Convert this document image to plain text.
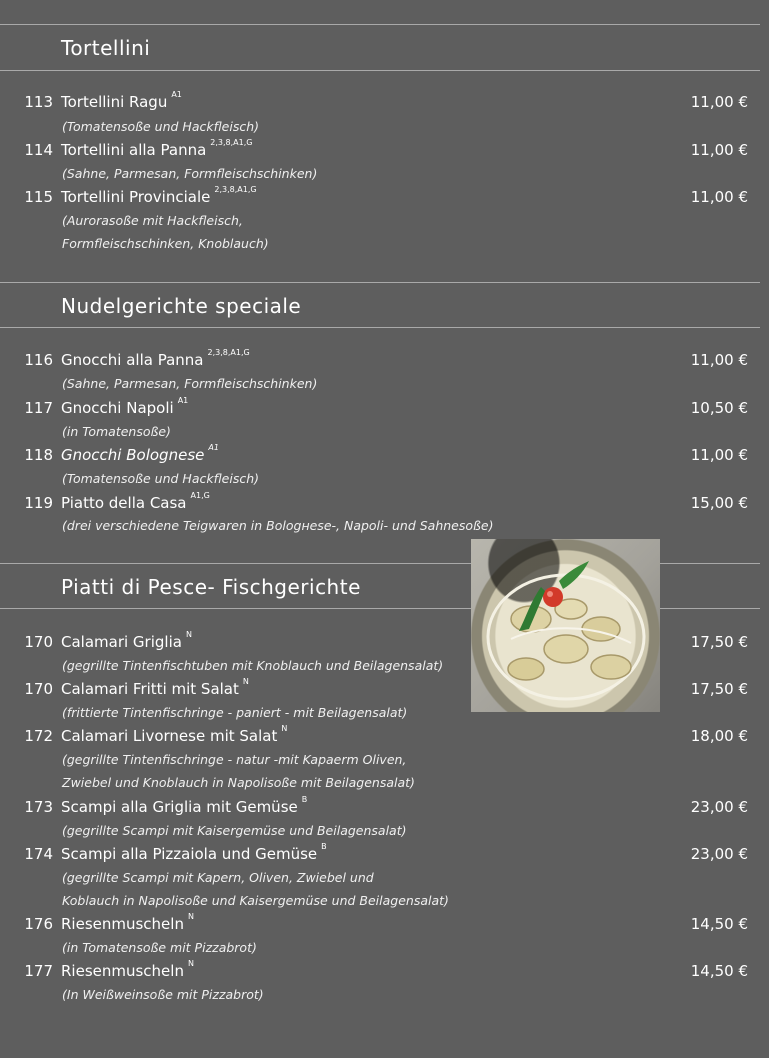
Tortellini
113 Tortellini Ragu $^{A1}$	11,00 €
(Tomatensoße und Hackfleisch)
114 Tortellini alla Panna $^{2,3,8,A1,G}$	11,00 €
(Sahne, Parmesan, Formfleischschinken)
115 Tortellini Provinciale $^{2,3,8,A1,G}$	11,00 €
(Aurorasoße mit Hackfleisch,
Formfleischschinken, Knoblauch)
Nudelgerichte speciale
116 Gnocchi alla Panna $^{2,3,8,A1,G}$	11,00 €
(Sahne, Parmesan, Formfleischschinken)
117 Gnocchi Napoli $^{A1}$	10,50 €
(in Tomatensoße)
118 Gnocchi Bolognese $^{A1}$	11,00 €
(Tomatensoße und Hackfleisch)
119 Piatto della Casa $^{A1,G}$	15,00 €
(drei verschiedene Teigwaren in Bologнese-, Napoli- und Sahnesoße)
Piatti di Pesce- Fischgerichte
170 Calamari Griglia $^N$	17,50 €
(gegrillte Tintenfischtuben mit Knoblauch und Beilagensalat)
170 Calamari Fritti mit Salat $^N$	17,50 €
(frittierte Tintenfischringe - paniert - mit Beilagensalat)
172 Calamari Livornese mit Salat $^N$	18,00 €
(gegrillte Tintenfischringe - natur -mit Kapaerm Oliven,
Zwiebel und Knoblauch in Napolisoße mit Beilagensalat)
173 Scampi alla Griglia mit Gemüse $^B$	23,00 €
(gegrillte Scampi mit Kaisergemüse und Beilagensalat)
174 Scampi alla Pizzaiola und Gemüse $^B$	23,00 €
(gegrillte Scampi mit Kapern, Oliven, Zwiebel und
Koblauch in Napolisoße und Kaisergemüse und Beilagensalat)
176 Riesenmuscheln $^N$	14,50 €
(in Tomatensoße mit Pizzabrot)
177 Riesenmuscheln $^N$	14,50 €
(In Weißweinsoße mit Pizzabrot)
